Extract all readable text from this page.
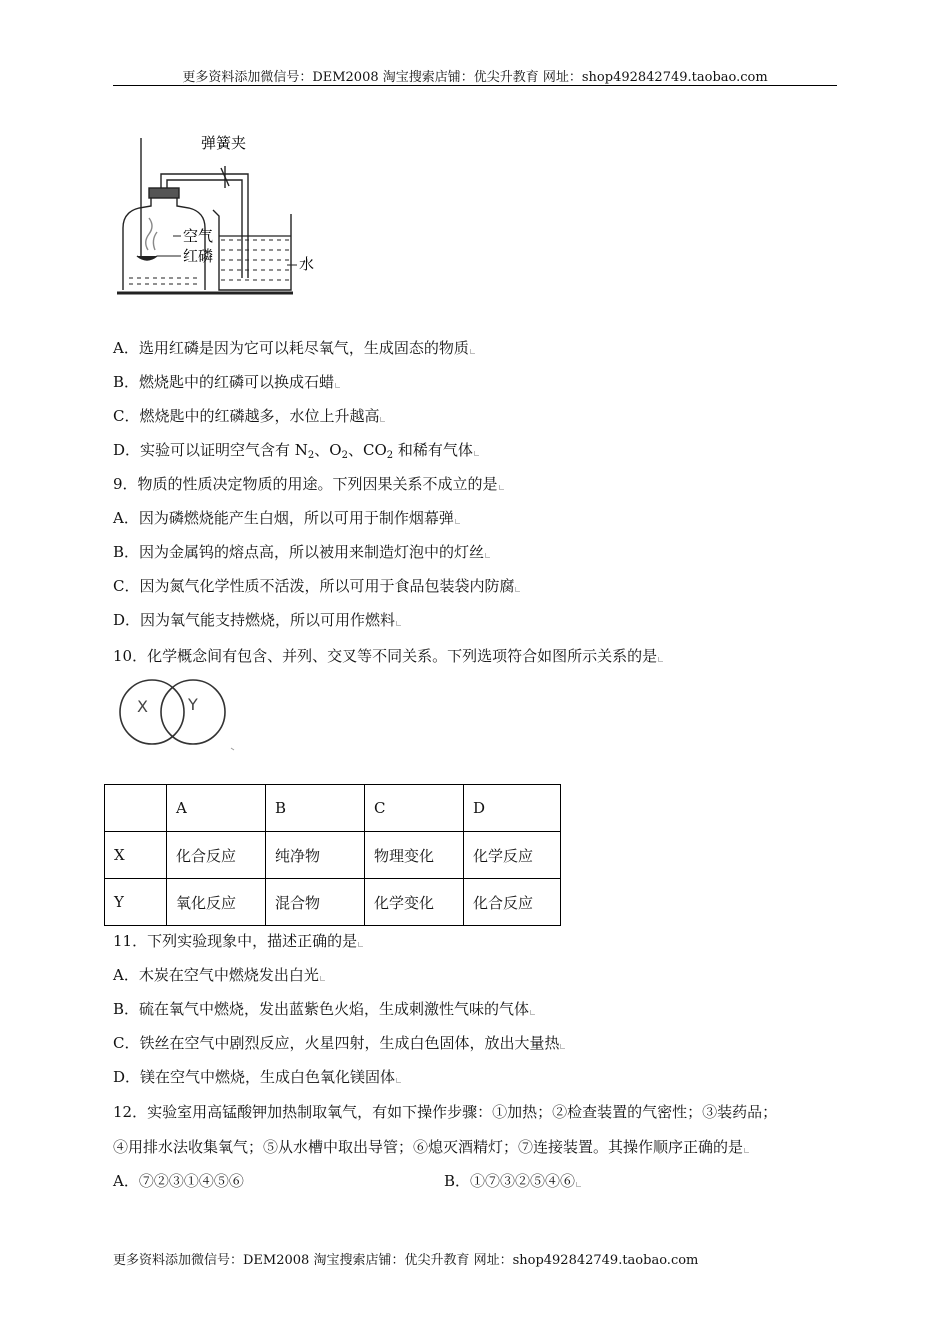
更多资料添加微信号：DEM2008 淘宝搜索店铺：优尖升教育 网址：shop492842749.taobao.com
弹簧夹
空气
红磷	水
A．选用红磷是因为它可以耗尽氧气，生成固态的物质
B．燃烧匙中的红磷可以换成石蜡
C．燃烧匙中的红磷越多，水位上升越高
D．实验可以证明空气含有 $N_2$、$O_2$、$CO_2$ 和稀有气体
9．物质的性质决定物质的用途。下列因果关系不成立的是
A．因为磷燃烧能产生白烟，所以可用于制作烟幕弹
B．因为金属钨的熔点高，所以被用来制造灯泡中的灯丝
C．因为氮气化学性质不活泼，所以可用于食品包装袋内防腐
D．因为氧气能支持燃烧，所以可用作燃料
10．化学概念间有包含、并列、交叉等不同关系。下列选项符合如图所示关系的是
X	Y
	A	B	C	D
X	化合反应	纯净物	物理变化	化学反应
Y	氧化反应	混合物	化学变化	化合反应
11．下列实验现象中，描述正确的是
A．木炭在空气中燃烧发出白光
B．硫在氧气中燃烧，发出蓝紫色火焰，生成刺激性气味的气体
C．铁丝在空气中剧烈反应，火星四射，生成白色固体，放出大量热
D．镁在空气中燃烧，生成白色氧化镁固体
12．实验室用高锰酸钾加热制取氧气，有如下操作步骤：①加热；②检查装置的气密性；③装药品；
④用排水法收集氧气；⑤从水槽中取出导管；⑥熄灭酒精灯；⑦连接装置。其操作顺序正确的是
A．⑦②③①④⑤⑥	B．①⑦③②⑤④⑥
更多资料添加微信号：DEM2008 淘宝搜索店铺：优尖升教育 网址：shop492842749.taobao.com
